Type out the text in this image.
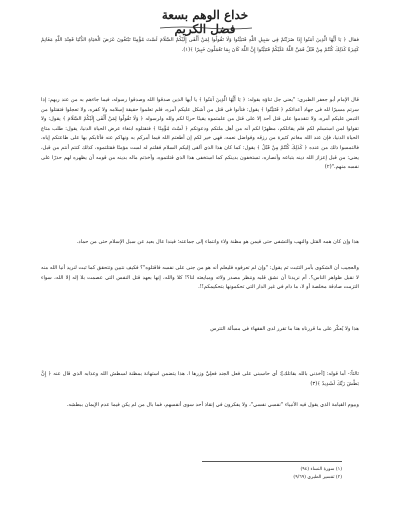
خداع الوهم بسعة فضل الكريم

فقال ﴿ يَا أَيُّهَا الَّذِينَ آمَنُوا إِذَا ضَرَبْتُمْ فِي سَبِيلِ اللَّهِ فَتَبَيَّنُوا وَلَا تَقُولُوا لِمَنْ أَلْقَى إِلَيْكُمُ السَّلَامَ لَسْتَ مُؤْمِنًا تَبْتَغُونَ عَرَضَ الْحَيَاةِ الدُّنْيَا فَعِنْدَ اللَّهِ مَغَانِمُ كَثِيرَةٌ كَذَلِكَ كُنْتُمْ مِنْ قَبْلُ فَمَنَّ اللَّهُ عَلَيْكُمْ فَتَبَيَّنُوا إِنَّ اللَّهَ كَانَ بِمَا تَعْمَلُونَ خَبِيرًا ﴾(١).

قال الإمام أبو جعفر الطبري: "يعني جل ثناؤه بقوله: ﴿ يَا أَيُّهَا الَّذِينَ آمَنُوا ﴾ يا أيها الذين صدقوا الله وصدقوا رسوله، فيما جاءهم به من عند ربهم: إذا سرتم مسيرًا لله في جهاد أعدائكم ﴿ فَتَبَيَّنُوا ﴾ يقول: فتأنوا في قتل من أشكل عليكم أمره، فلم تعلموا حقيقة إسلامه ولا كفره، ولا تعجلوا فتقتلوا من التبس عليكم أمره، ولا تتقدموا على قتل أحد إلا على قتل من علمتموه يقينًا حربًا لكم ولله ولرسوله ﴿ وَلَا تَقُولُوا لِمَنْ أَلْقَى إِلَيْكُمُ السَّلَامَ ﴾ يقول: ولا تقولوا لمن استسلم لكم فلم يقاتلكم، مظهرًا لكم أنه من أهل ملتكم ودعوتكم ﴿ لَسْتَ مُؤْمِنًا ﴾ فتقتلوه ابتغاء عرض الحياة الدنيا، يقول: طلب متاع الحياة الدنيا، فإن عند الله مغانم كثيرة من رزقه وفواضل نعمه، فهي خير لكم إن أطعتم الله فيما أمركم به ونهاكم عنه فأثابكم بها على طاعتكم إياه، فالتمسوا ذلك من عنده ﴿ كَذَلِكَ كُنْتُمْ مِنْ قَبْلُ ﴾ يقول: كما كان هذا الذي ألقى إليكم السلام فقلتم له لست مؤمنًا فقتلتموه، كذلك كنتم أنتم من قبل، يعني: من قبل إعزاز الله دينه بتباعه وأنصاره، تستخفون بدينكم كما استخفى هذا الذي قتلتموه، وأخذتم ماله بدينه من قومه أن يظهره لهم حذرًا على نفسه منهم."(٢)

هذا وإن كان همه القتل والنهب والتشفي حتى فيمن هو مظنة ولاء وانتماء إلى جماعته؛ فيندا عال بعيد عن سبل الإسلام حتى من حماد.

والعجيب أن الشكوى بأمر التثبت ثم يقول: "وإن لم تعرفوه فليعلم أنه هو من جنى على نفسه فاقتلوه"؟ فكيف نتبين وتتحقق كما ثبت لنريد أنيا الله منه لا نقبل ظواهر الناس؟. أم نريدنا أن نشق قلبه وننظر مصدر ولائه ومبايعته لنا؟! كلا والله، إنها بعهد قتل النفس التي عصمت بلا إله إلا الله، سواء التزمت صادقة مخلصة أو لا، ما دام في غير الدار التي تحكمونها بتحكيمكم!!.

هذا ولا يُعكّر على ما قررناه هنا ما تقرر لدى الفقهاء في مسألة التترس

ثالثاً:- أما قوله: [أخذني بالله بقاتلك]: أي حاسبني على فعل الجند فعلِيَّ وزرها ا. هذا يتضمن استهانة بمظنة لسطش الله وعذابه الذي قال عنه ﴿ إِنَّ بَطْشَ رَبِّكَ لَشَدِيدٌ ﴾(٣)

وبيوم القيامة الذي يقول فيه الأنبياء "نفسي نفسي"، ولا يفكرون في إنقاذ أحد سوى أنفسهم، فما بال من لم يكن فيما عدم الإيمان ببطشه.

(١) سورة النساء (٩٤)
(٢) تفسير الطبري (٩/٦٩)
